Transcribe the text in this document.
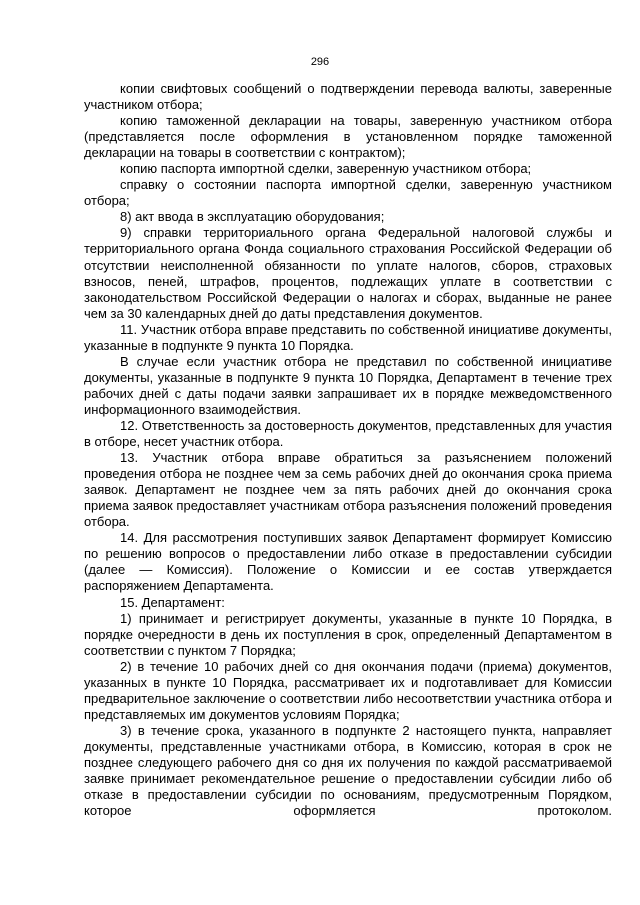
296

копии свифтовых сообщений о подтверждении перевода валюты, заверенные участником отбора;

копию таможенной декларации на товары, заверенную участником отбора (представляется после оформления в установленном порядке таможенной декларации на товары в соответствии с контрактом);

копию паспорта импортной сделки, заверенную участником отбора;

справку о состоянии паспорта импортной сделки, заверенную участником отбора;

8) акт ввода в эксплуатацию оборудования;

9) справки территориального органа Федеральной налоговой службы и территориального органа Фонда социального страхования Российской Федерации об отсутствии неисполненной обязанности по уплате налогов, сборов, страховых взносов, пеней, штрафов, процентов, подлежащих уплате в соответствии с законодательством Российской Федерации о налогах и сборах, выданные не ранее чем за 30 календарных дней до даты представления документов.

11. Участник отбора вправе представить по собственной инициативе документы, указанные в подпункте 9 пункта 10 Порядка.

В случае если участник отбора не представил по собственной инициативе документы, указанные в подпункте 9 пункта 10 Порядка, Департамент в течение трех рабочих дней с даты подачи заявки запрашивает их в порядке межведомственного информационного взаимодействия.

12. Ответственность за достоверность документов, представленных для участия в отборе, несет участник отбора.

13. Участник отбора вправе обратиться за разъяснением положений проведения отбора не позднее чем за семь рабочих дней до окончания срока приема заявок. Департамент не позднее чем за пять рабочих дней до окончания срока приема заявок предоставляет участникам отбора разъяснения положений проведения отбора.

14. Для рассмотрения поступивших заявок Департамент формирует Комиссию по решению вопросов о предоставлении либо отказе в предоставлении субсидии (далее — Комиссия). Положение о Комиссии и ее состав утверждается распоряжением Департамента.

15. Департамент:

1) принимает и регистрирует документы, указанные в пункте 10 Порядка, в порядке очередности в день их поступления в срок, определенный Департаментом в соответствии с пунктом 7 Порядка;

2) в течение 10 рабочих дней со дня окончания подачи (приема) документов, указанных в пункте 10 Порядка, рассматривает их и подготавливает для Комиссии предварительное заключение о соответствии либо несоответствии участника отбора и представляемых им документов условиям Порядка;

3) в течение срока, указанного в подпункте 2 настоящего пункта, направляет документы, представленные участниками отбора, в Комиссию, которая в срок не позднее следующего рабочего дня со дня их получения по каждой рассматриваемой заявке принимает рекомендательное решение о предоставлении субсидии либо об отказе в предоставлении субсидии по основаниям, предусмотренным Порядком, которое оформляется протоколом.
